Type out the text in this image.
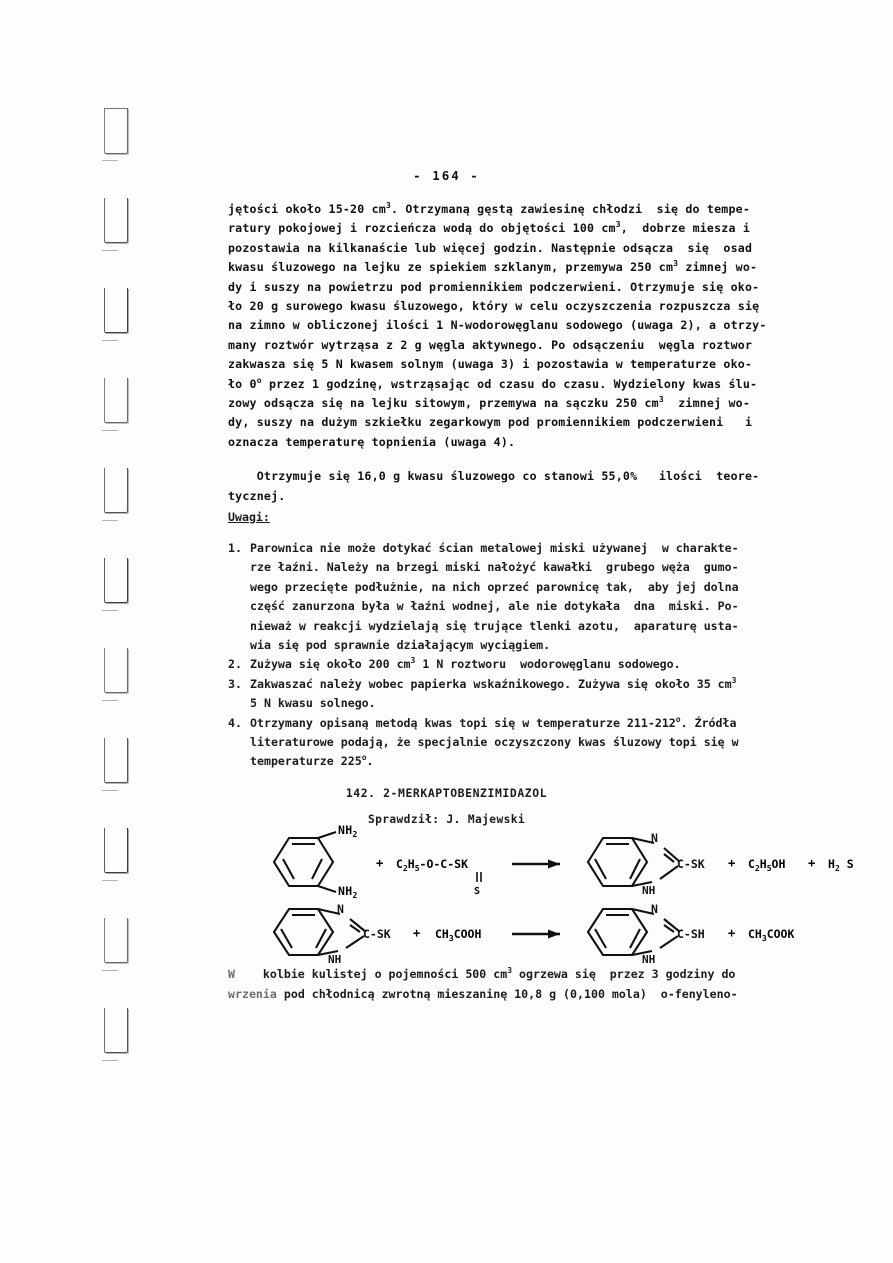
- 164 -

jętości około 15-20 $cm^3$. Otrzymaną gęstą zawiesinę chłodzi  się do tempe-

ratury pokojowej i rozcieńcza wodą do objętości 100 $cm^3$,  dobrze miesza i

pozostawia na kilkanaście lub więcej godzin. Następnie odsącza  się  osad

kwasu śluzowego na lejku ze spiekiem szklanym, przemywa 250 $cm^3$ zimnej wo-

dy i suszy na powietrzu pod promiennikiem podczerwieni. Otrzymuje się oko-

ło 20 g surowego kwasu śluzowego, który w celu oczyszczenia rozpuszcza się

na zimno w obliczonej ilości 1 N-wodorowęglanu sodowego (uwaga 2), a otrzy-

many roztwór wytrząsa z 2 g węgla aktywnego. Po odsączeniu  węgla roztwor

zakwasza się 5 N kwasem solnym (uwaga 3) i pozostawia w temperaturze oko-

ło 0$^o$ przez 1 godzinę, wstrząsając od czasu do czasu. Wydzielony kwas ślu-

zowy odsącza się na lejku sitowym, przemywa na sączku 250 $cm^3$  zimnej wo-

dy, suszy na dużym szkiełku zegarkowym pod promiennikiem podczerwieni   i

oznacza temperaturę topnienia (uwaga 4).

Otrzymuje się 16,0 g kwasu śluzowego co stanowi 55,0%   ilości  teore-

tycznej.

Uwagi:

1. Parownica nie może dotykać ścian metalowej miski używanej  w charakte-
rze łaźni. Należy na brzegi miski nałożyć kawałki  grubego węża  gumo-
wego przecięte podłużnie, na nich oprzeć parownicę tak,  aby jej dolna
część zanurzona była w łaźni wodnej, ale nie dotykała  dna  miski. Po-
nieważ w reakcji wydzielają się trujące tlenki azotu,  aparaturę usta-
wia się pod sprawnie działającym wyciągiem.
2. Zużywa się około 200 $cm^3$ 1 N roztworu  wodorowęglanu sodowego.
3. Zakwaszać należy wobec papierka wskaźnikowego. Zużywa się około 35 $cm^3$
5 N kwasu solnego.
4. Otrzymany opisaną metodą kwas topi się w temperaturze 211-212$^o$. Źródła
literaturowe podają, że specjalnie oczyszczony kwas śluzowy topi się w
temperaturze 225$^o$.
142. 2-MERKAPTOBENZIMIDAZOL
Sprawdził: J. Majewski
$NH_2$
$NH_2$
+ $C_2H_5-O-C-SK$
S
N
NH
$C-SK + C_2H_5OH + H_2$ S
N
NH
$C-SK + CH_3COOH$
N
NH
$C-SH + CH_3COOK$

W    kolbie kulistej o pojemności 500 $cm^3$ ogrzewa się  przez 3 godziny do

wrzenia pod chłodnicą zwrotną mieszaninę 10,8 g (0,100 mola)  o-fenyleno-
